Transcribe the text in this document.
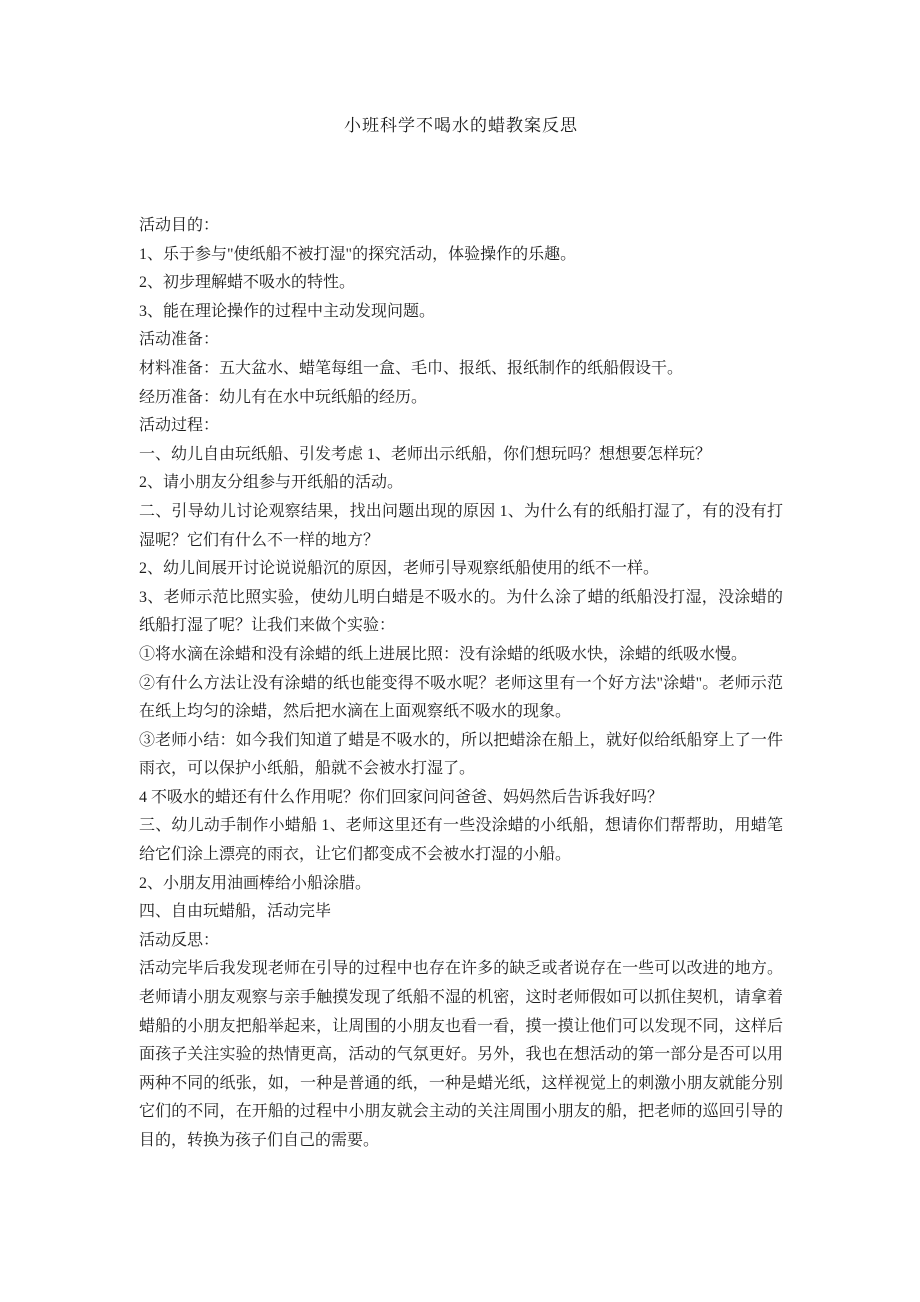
小班科学不喝水的蜡教案反思

活动目的：

1、乐于参与"使纸船不被打湿"的探究活动，体验操作的乐趣。

2、初步理解蜡不吸水的特性。

3、能在理论操作的过程中主动发现问题。

活动准备：

材料准备：五大盆水、蜡笔每组一盒、毛巾、报纸、报纸制作的纸船假设干。

经历准备：幼儿有在水中玩纸船的经历。

活动过程：

一、幼儿自由玩纸船、引发考虑 1、老师出示纸船，你们想玩吗？想想要怎样玩？

2、请小朋友分组参与开纸船的活动。

二、引导幼儿讨论观察结果，找出问题出现的原因 1、为什么有的纸船打湿了，有的没有打湿呢？它们有什么不一样的地方？

2、幼儿间展开讨论说说船沉的原因，老师引导观察纸船使用的纸不一样。

3、老师示范比照实验，使幼儿明白蜡是不吸水的。为什么涂了蜡的纸船没打湿，没涂蜡的纸船打湿了呢？让我们来做个实验：

①将水滴在涂蜡和没有涂蜡的纸上进展比照：没有涂蜡的纸吸水快，涂蜡的纸吸水慢。

②有什么方法让没有涂蜡的纸也能变得不吸水呢？老师这里有一个好方法"涂蜡"。老师示范在纸上均匀的涂蜡，然后把水滴在上面观察纸不吸水的现象。

③老师小结：如今我们知道了蜡是不吸水的，所以把蜡涂在船上，就好似给纸船穿上了一件雨衣，可以保护小纸船，船就不会被水打湿了。

4 不吸水的蜡还有什么作用呢？你们回家问问爸爸、妈妈然后告诉我好吗？

三、幼儿动手制作小蜡船 1、老师这里还有一些没涂蜡的小纸船，想请你们帮帮助，用蜡笔给它们涂上漂亮的雨衣，让它们都变成不会被水打湿的小船。

2、小朋友用油画棒给小船涂腊。

四、自由玩蜡船，活动完毕

活动反思：

活动完毕后我发现老师在引导的过程中也存在许多的缺乏或者说存在一些可以改进的地方。老师请小朋友观察与亲手触摸发现了纸船不湿的机密，这时老师假如可以抓住契机，请拿着蜡船的小朋友把船举起来，让周围的小朋友也看一看，摸一摸让他们可以发现不同，这样后面孩子关注实验的热情更高，活动的气氛更好。另外，我也在想活动的第一部分是否可以用两种不同的纸张，如，一种是普通的纸，一种是蜡光纸，这样视觉上的刺激小朋友就能分别它们的不同，在开船的过程中小朋友就会主动的关注周围小朋友的船，把老师的巡回引导的目的，转换为孩子们自己的需要。
